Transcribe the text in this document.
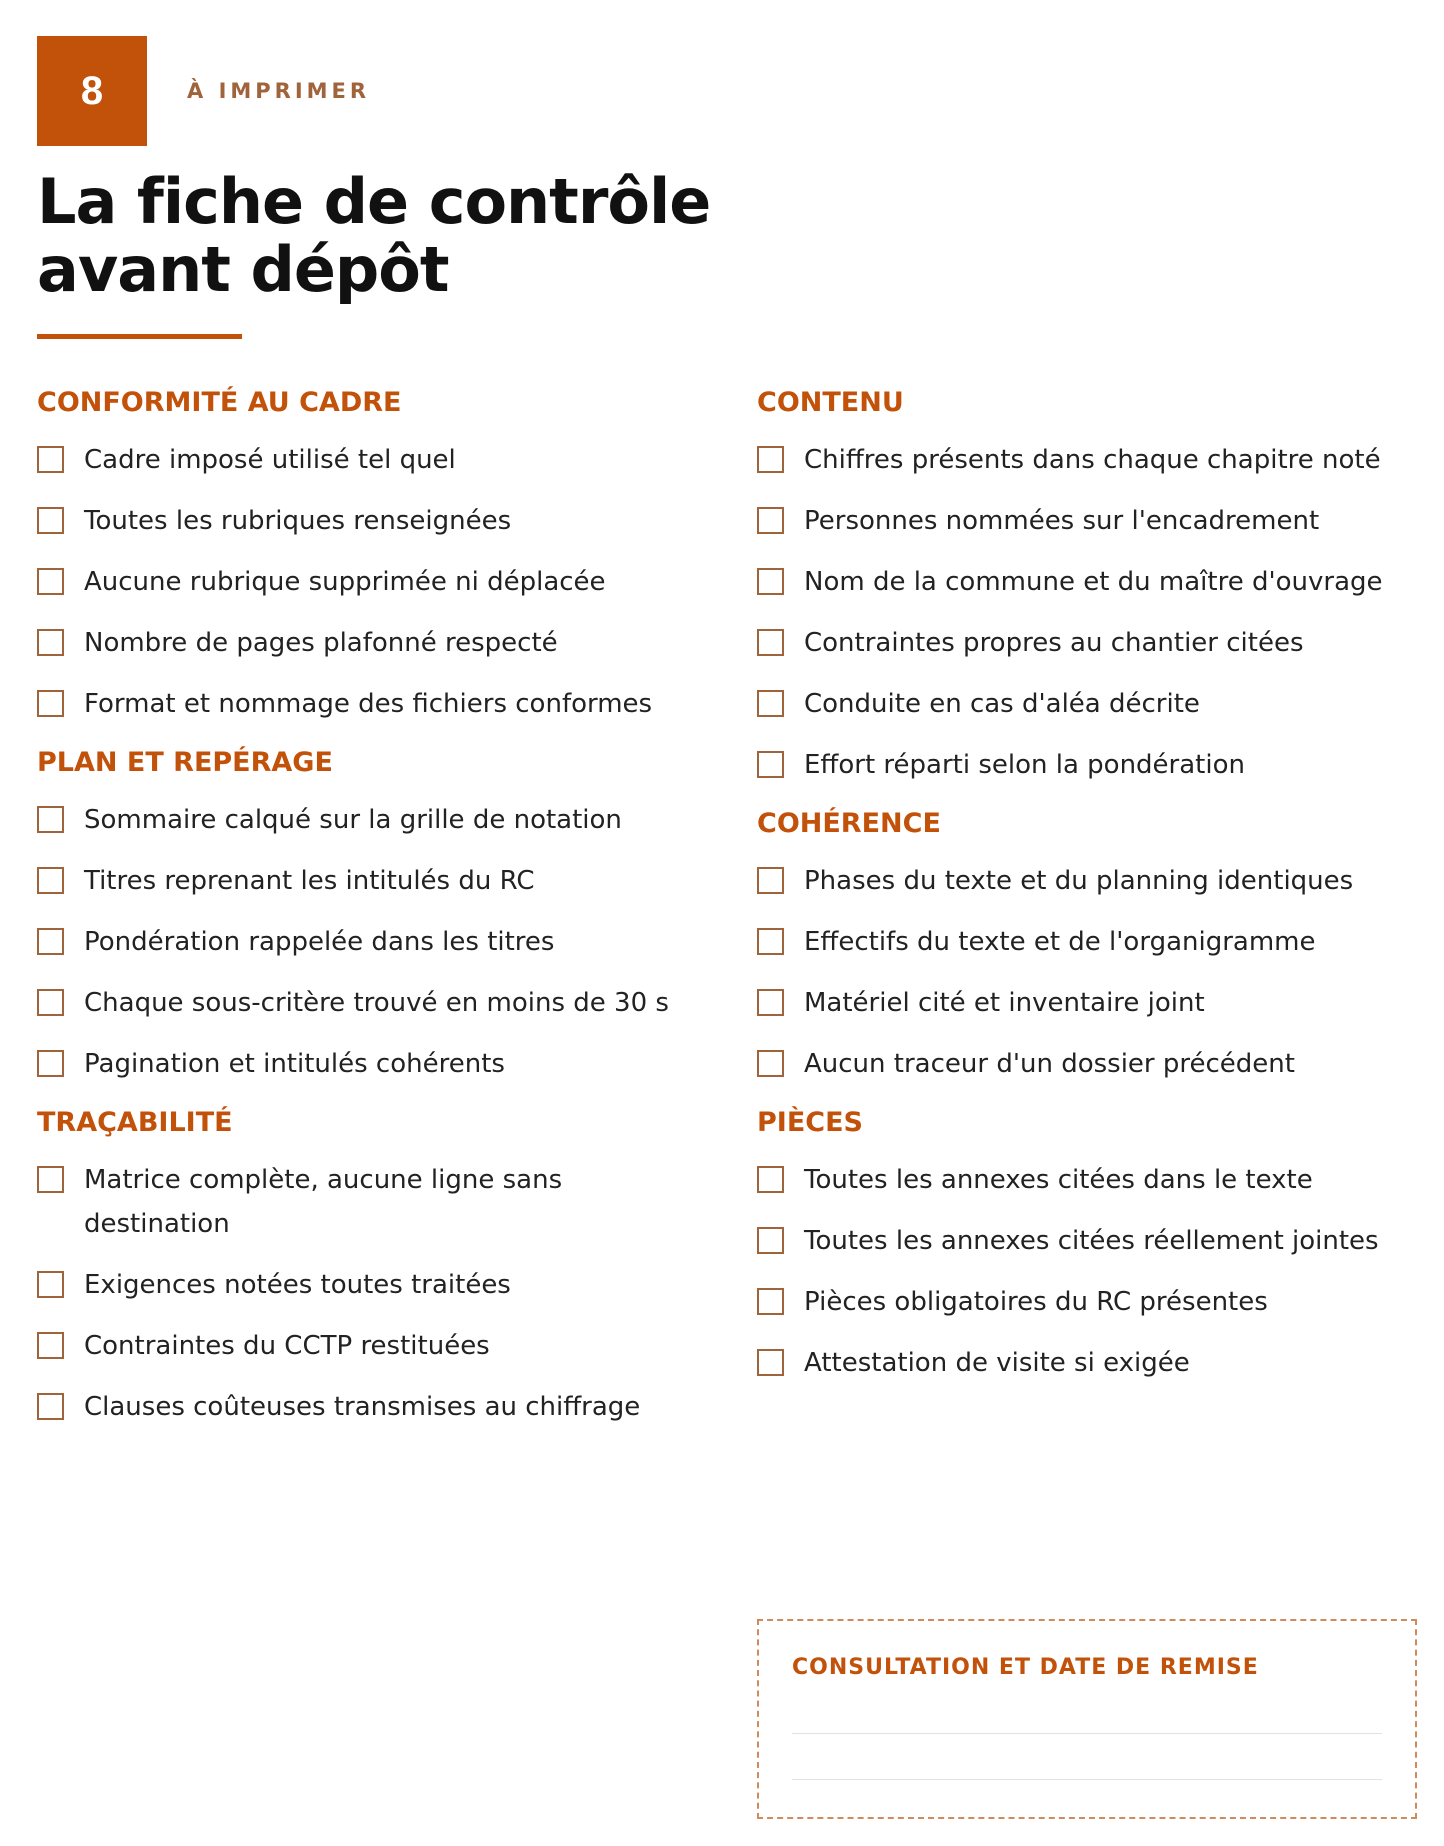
8	À IMPRIMER
La fiche de contrôle
avant dépôt
CONFORMITÉ AU CADRE
Cadre imposé utilisé tel quel
Toutes les rubriques renseignées
Aucune rubrique supprimée ni déplacée
Nombre de pages plafonné respecté
Format et nommage des fichiers conformes
PLAN ET REPÉRAGE
Sommaire calqué sur la grille de notation
Titres reprenant les intitulés du RC
Pondération rappelée dans les titres
Chaque sous-critère trouvé en moins de 30 s
Pagination et intitulés cohérents
TRAÇABILITÉ
Matrice complète, aucune ligne sans destination
Exigences notées toutes traitées
Contraintes du CCTP restituées
Clauses coûteuses transmises au chiffrage
CONTENU
Chiffres présents dans chaque chapitre noté
Personnes nommées sur l'encadrement
Nom de la commune et du maître d'ouvrage
Contraintes propres au chantier citées
Conduite en cas d'aléa décrite
Effort réparti selon la pondération
COHÉRENCE
Phases du texte et du planning identiques
Effectifs du texte et de l'organigramme
Matériel cité et inventaire joint
Aucun traceur d'un dossier précédent
PIÈCES
Toutes les annexes citées dans le texte
Toutes les annexes citées réellement jointes
Pièces obligatoires du RC présentes
Attestation de visite si exigée
CONSULTATION ET DATE DE REMISE
